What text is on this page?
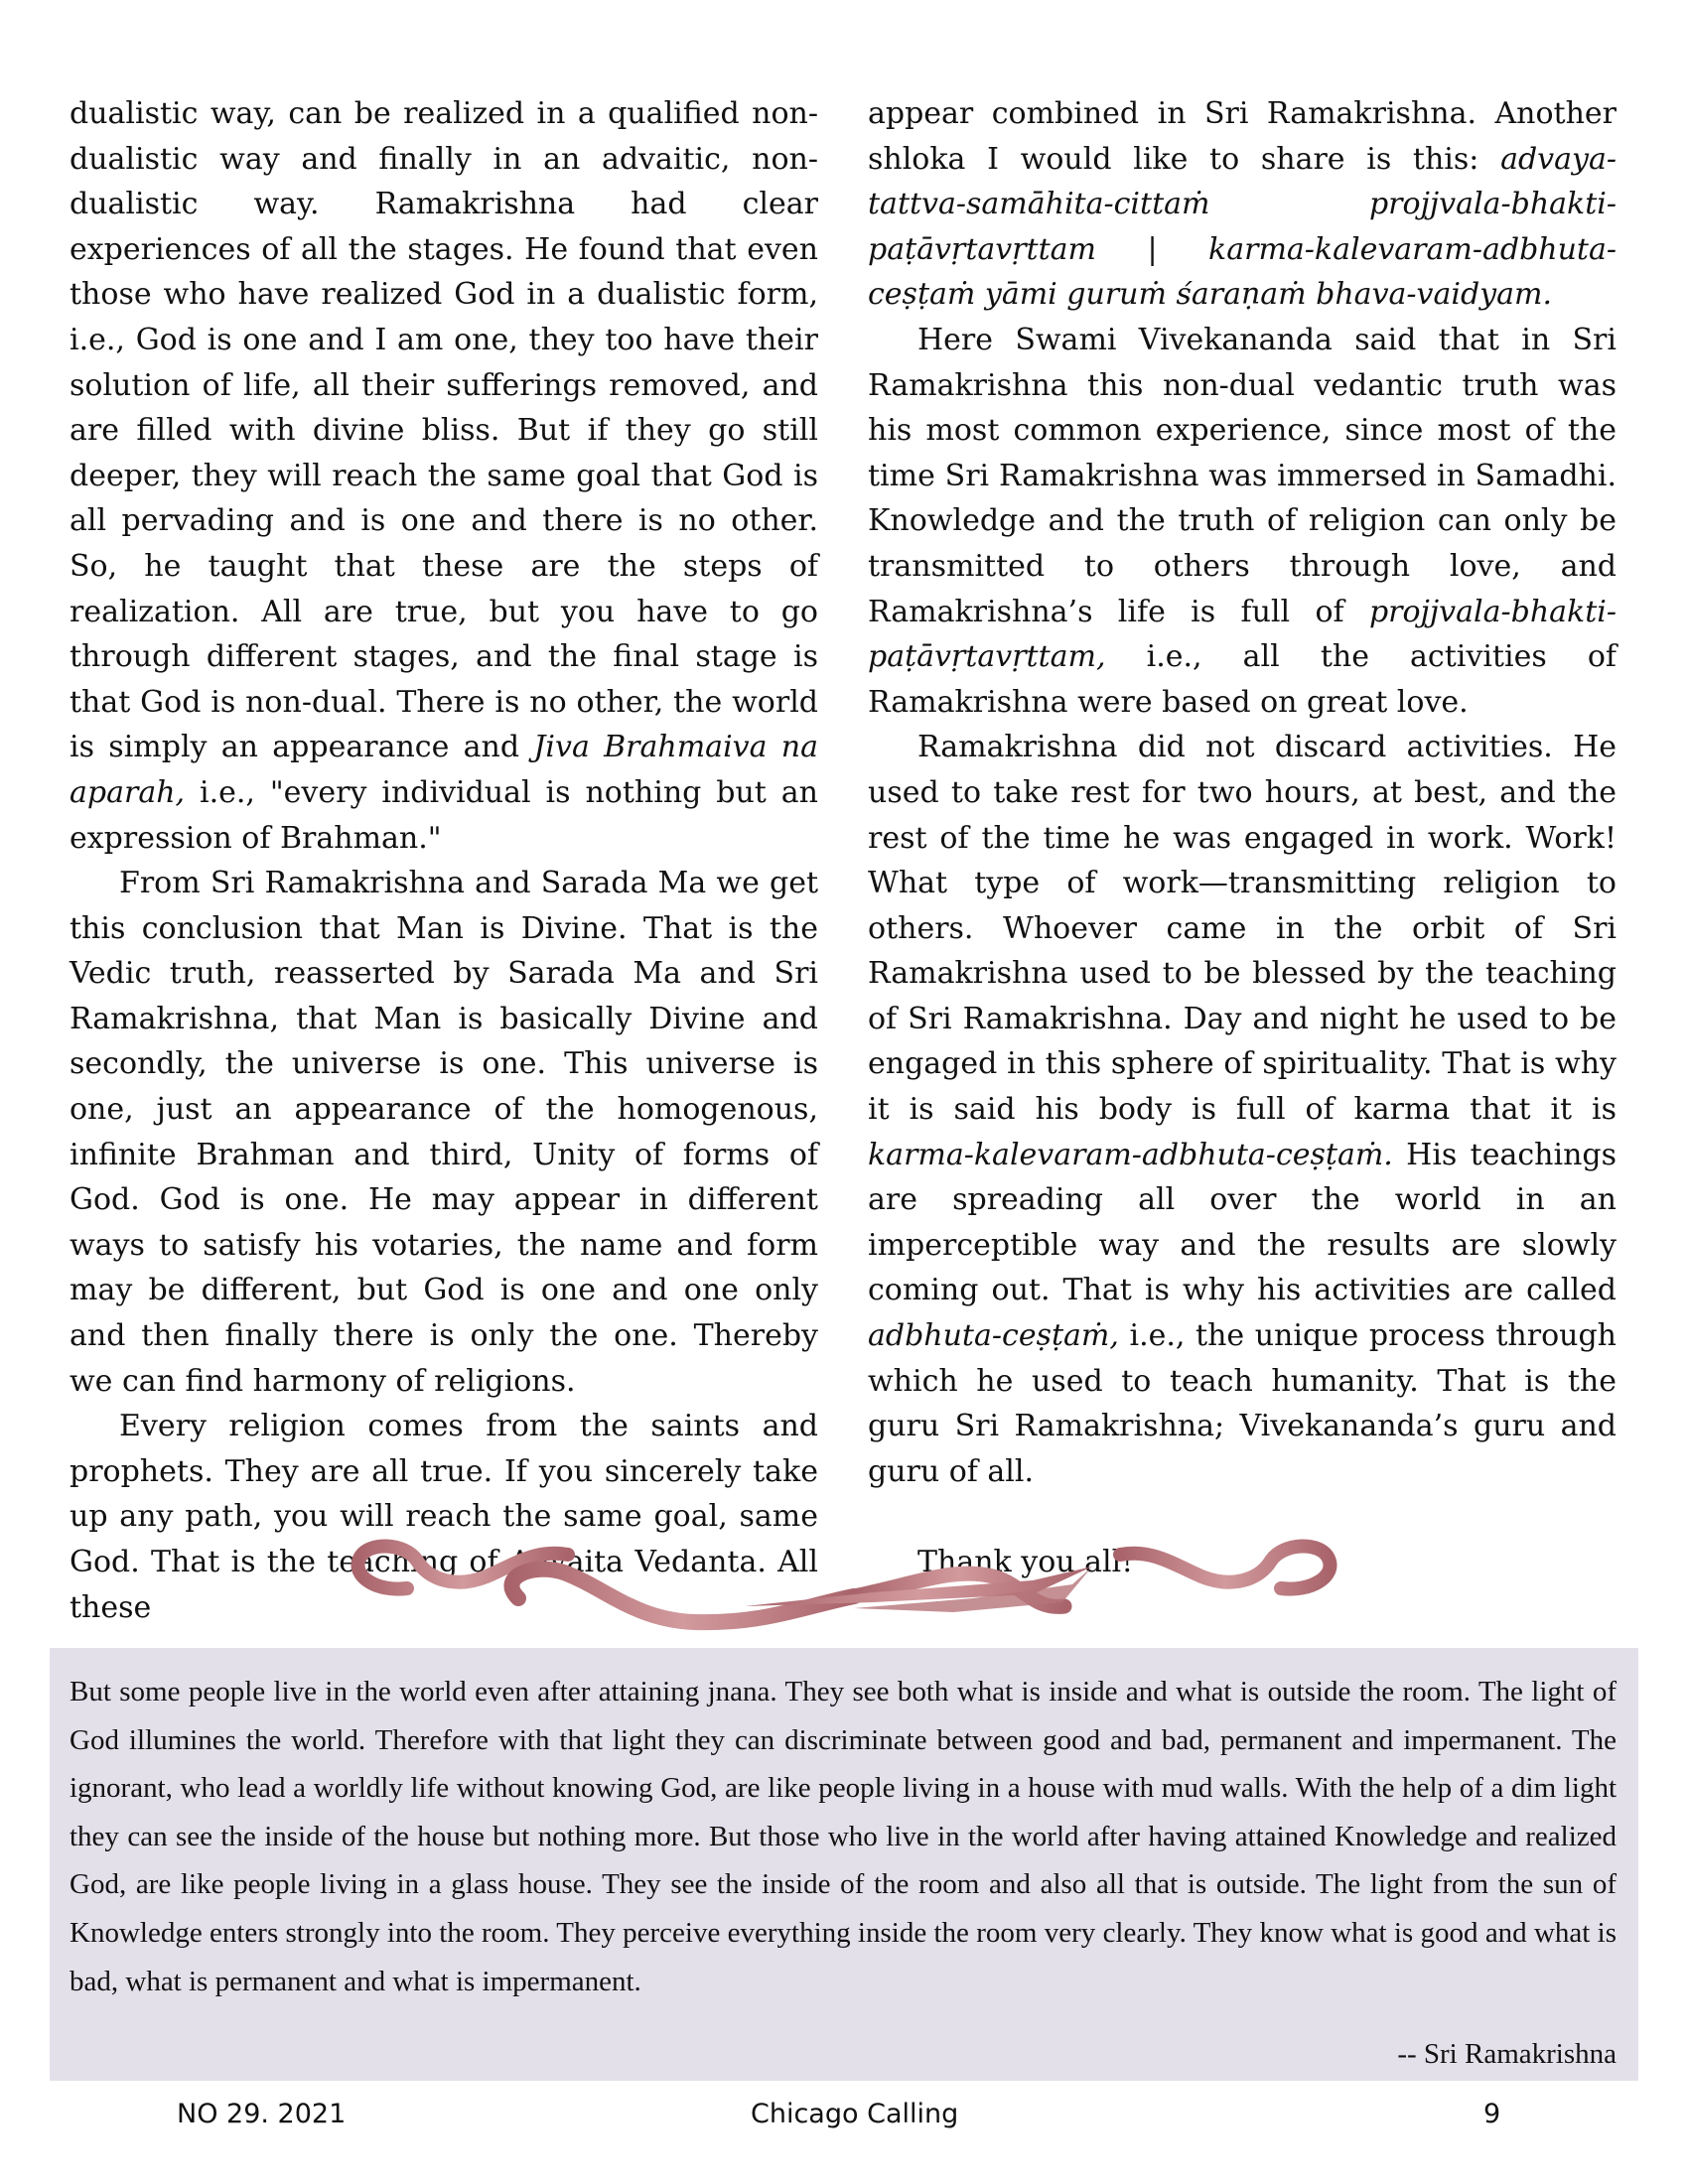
dualistic way, can be realized in a qualified non-dualistic way and finally in an advaitic, non-dualistic way. Ramakrishna had clear experiences of all the stages. He found that even those who have realized God in a dualistic form, i.e., God is one and I am one, they too have their solution of life, all their sufferings removed, and are filled with divine bliss. But if they go still deeper, they will reach the same goal that God is all pervading and is one and there is no other. So, he taught that these are the steps of realization. All are true, but you have to go through different stages, and the final stage is that God is non-dual. There is no other, the world is simply an appearance and Jiva Brahmaiva na aparah, i.e., "every individual is nothing but an expression of Brahman."

From Sri Ramakrishna and Sarada Ma we get this conclusion that Man is Divine. That is the Vedic truth, reasserted by Sarada Ma and Sri Ramakrishna, that Man is basically Divine and secondly, the universe is one. This universe is one, just an appearance of the homogenous, infinite Brahman and third, Unity of forms of God. God is one. He may appear in different ways to satisfy his votaries, the name and form may be different, but God is one and one only and then finally there is only the one. Thereby we can find harmony of religions.

Every religion comes from the saints and prophets. They are all true. If you sincerely take up any path, you will reach the same goal, same God. That is the teaching of Advaita Vedanta. All these

appear combined in Sri Ramakrishna. Another shloka I would like to share is this: advaya-tattva-samāhita-cittaṁ projjvala-bhakti-paṭāvṛtavṛttam | karma-kalevaram-adbhuta-ceṣṭaṁ yāmi guruṁ śaraṇaṁ bhava-vaidyam.

Here Swami Vivekananda said that in Sri Ramakrishna this non-dual vedantic truth was his most common experience, since most of the time Sri Ramakrishna was immersed in Samadhi. Knowledge and the truth of religion can only be transmitted to others through love, and Ramakrishna’s life is full of projjvala-bhakti-paṭāvṛtavṛttam, i.e., all the activities of Ramakrishna were based on great love.

Ramakrishna did not discard activities. He used to take rest for two hours, at best, and the rest of the time he was engaged in work. Work! What type of work—transmitting religion to others. Whoever came in the orbit of Sri Ramakrishna used to be blessed by the teaching of Sri Ramakrishna. Day and night he used to be engaged in this sphere of spirituality. That is why it is said his body is full of karma that it is karma-kalevaram-adbhuta-ceṣṭaṁ. His teachings are spreading all over the world in an imperceptible way and the results are slowly coming out. That is why his activities are called adbhuta-ceṣṭaṁ, i.e., the unique process through which he used to teach humanity. That is the guru Sri Ramakrishna; Vivekananda’s guru and guru of all.

Thank you all!

But some people live in the world even after attaining jnana. They see both what is inside and what is outside the room. The light of God illumines the world. Therefore with that light they can discriminate between good and bad, permanent and impermanent. The ignorant, who lead a worldly life without knowing God, are like people living in a house with mud walls. With the help of a dim light they can see the inside of the house but nothing more. But those who live in the world after having attained Knowledge and realized God, are like people living in a glass house. They see the inside of the room and also all that is outside. The light from the sun of Knowledge enters strongly into the room. They perceive everything inside the room very clearly. They know what is good and what is bad, what is permanent and what is impermanent.

-- Sri Ramakrishna

NO 29. 2021	Chicago Calling	9
